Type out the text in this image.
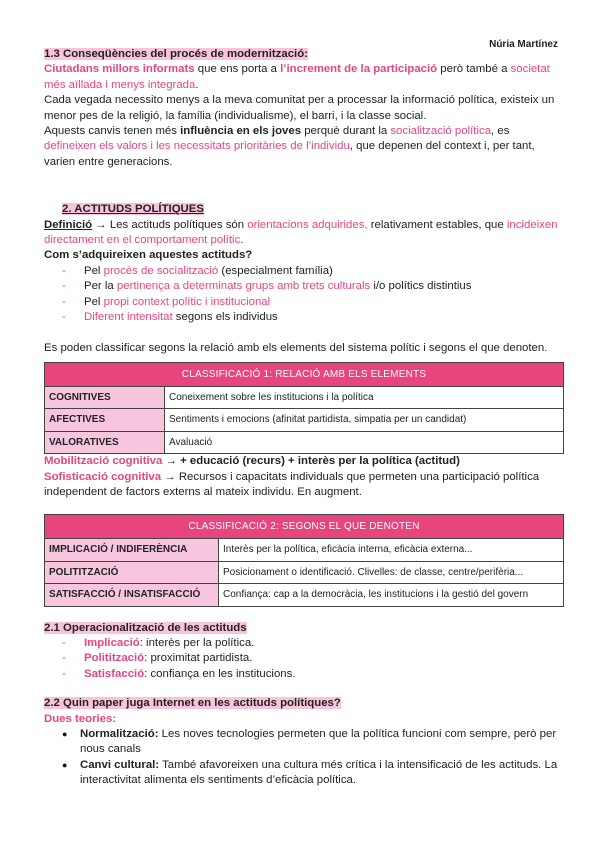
Núria Martínez

1.3 Conseqüències del procés de modernització:

Ciutadans millors informats que ens porta a l’increment de la participació però també a societat més aïllada i menys integrada.

Cada vegada necessito menys a la meva comunitat per a processar la informació política, existeix un menor pes de la religió, la família (individualisme), el barri, i la classe social.

Aquests canvis tenen més influència en els joves perquè durant la socialització política, es defineixen els valors i les necessitats prioritàries de l’individu, que depenen del context i, per tant, varien entre generacions.

2. ACTITUDS POLÍTIQUES

Definició → Les actituds polítiques són orientacions adquirides, relativament estables, que incideixen directament en el comportament polític.

Com s’adquireixen aquestes actituds?

- Pel procés de socialització (especialment família)
- Per la pertinença a determinats grups amb trets culturals i/o polítics distintius
- Pel propi context polític i institucional
- Diferent intensitat segons els individus

Es poden classificar segons la relació amb els elements del sistema polític i segons el que denoten.

CLASSIFICACIÓ 1: RELACIÓ AMB ELS ELEMENTS	
COGNITIVES	Coneixement sobre les institucions i la política
AFECTIVES	Sentiments i emocions (afinitat partidista, simpatia per un candidat)
VALORATIVES	Avaluació

Mobilització cognitiva → + educació (recurs) + interès per la política (actitud)

Sofisticació cognitiva → Recursos i capacitats individuals que permeten una participació política independent de factors externs al mateix individu. En augment.

CLASSIFICACIÓ 2: SEGONS EL QUE DENOTEN	
IMPLICACIÓ / INDIFERÈNCIA	Interès per la política, eficàcia interna, eficàcia externa...
POLITITZACIÓ	Posicionament o identificació. Clivelles: de classe, centre/perifèria...
SATISFACCIÓ / INSATISFACCIÓ	Confiança: cap a la democràcia, les institucions i la gestió del govern

2.1 Operacionalització de les actituds

- Implicació: interès per la política.
- Politització: proximitat partidista.
- Satisfacció: confiança en les institucions.

2.2 Quin paper juga Internet en les actituds polítiques?

Dues teories:

● Normalització: Les noves tecnologies permeten que la política funcioni com sempre, però per nous canals
● Canvi cultural: També afavoreixen una cultura més crítica i la intensificació de les actituds. La interactivitat alimenta els sentiments d’eficàcia política.
